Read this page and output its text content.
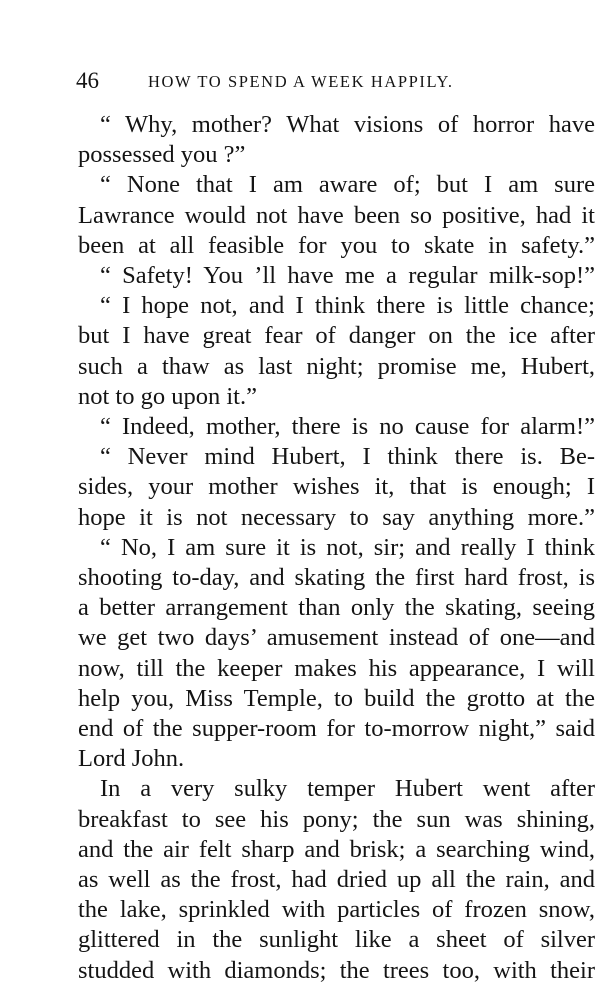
46	HOW TO SPEND A WEEK HAPPILY.
“ Why, mother? What visions of horror have
possessed you ?”
“ None that I am aware of; but I am sure
Lawrance would not have been so positive, had it
been at all feasible for you to skate in safety.”
“ Safety! You ’ll have me a regular milk-sop!”
“ I hope not, and I think there is little chance;
but I have great fear of danger on the ice after
such a thaw as last night; promise me, Hubert,
not to go upon it.”
“ Indeed, mother, there is no cause for alarm!”
“ Never mind Hubert, I think there is. Be-
sides, your mother wishes it, that is enough; I
hope it is not necessary to say anything more.”
“ No, I am sure it is not, sir; and really I think
shooting to-day, and skating the first hard frost, is
a better arrangement than only the skating, seeing
we get two days’ amusement instead of one—and
now, till the keeper makes his appearance, I will
help you, Miss Temple, to build the grotto at the
end of the supper-room for to-morrow night,” said
Lord John.
In a very sulky temper Hubert went after
breakfast to see his pony; the sun was shining,
and the air felt sharp and brisk; a searching wind,
as well as the frost, had dried up all the rain, and
the lake, sprinkled with particles of frozen snow,
glittered in the sunlight like a sheet of silver
studded with diamonds; the trees too, with their
